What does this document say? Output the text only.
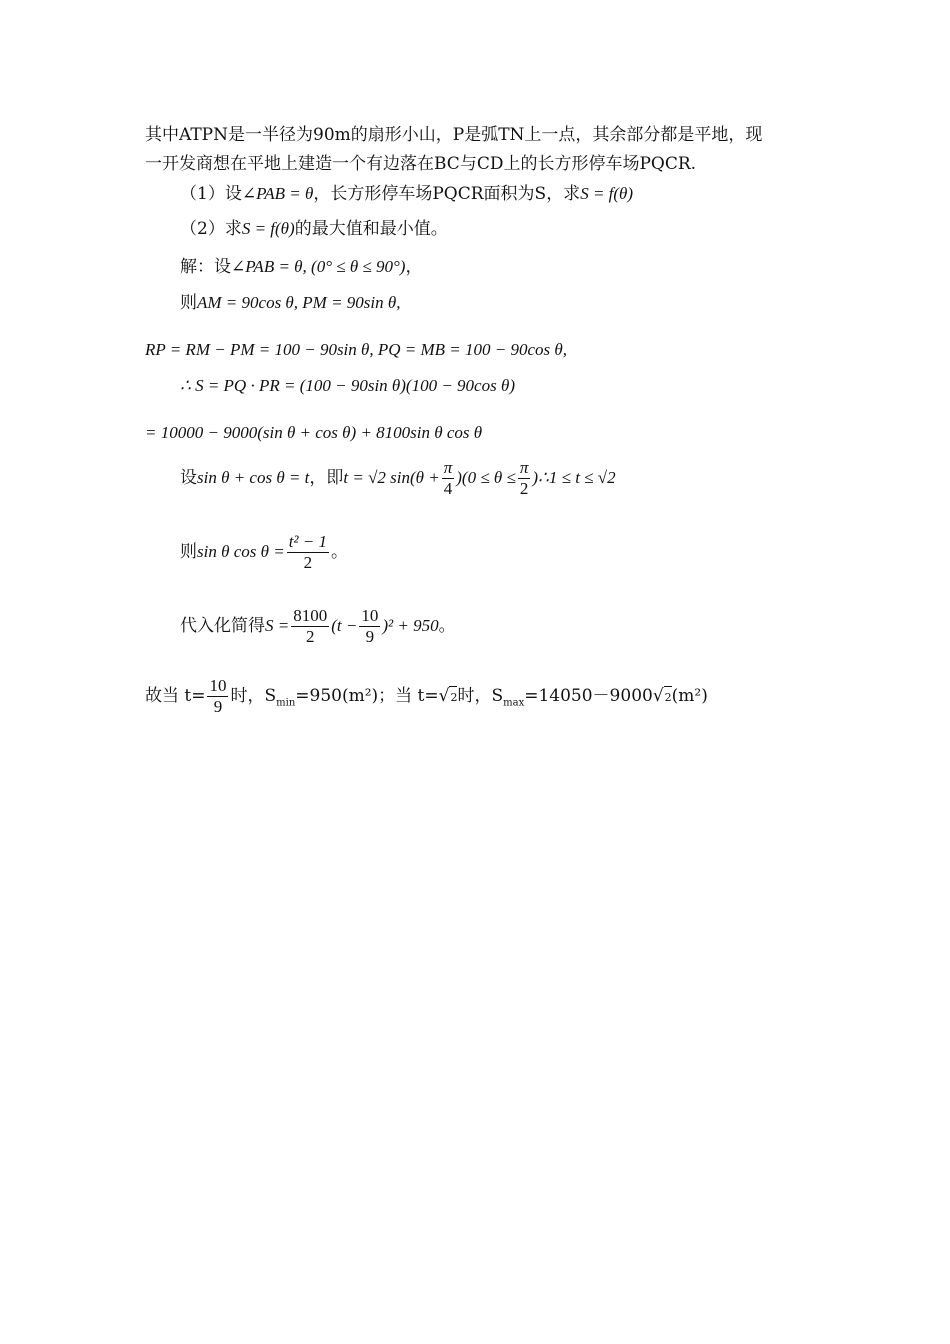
其中ATPN是一半径为90m的扇形小山，P是弧TN上一点，其余部分都是平地，现
一开发商想在平地上建造一个有边落在BC与CD上的长方形停车场PQCR.
（1）设∠PAB = θ，长方形停车场PQCR面积为S，求S = f(θ)
（2）求S = f(θ)的最大值和最小值。
解：设∠PAB = θ, (0° ≤ θ ≤ 90°)，
则AM = 90cos θ, PM = 90sin θ,
RP = RM − PM = 100 − 90sin θ, PQ = MB = 100 − 90cos θ,
∴ S = PQ · PR = (100 − 90sin θ)(100 − 90cos θ)
= 10000 − 9000(sin θ + cos θ) + 8100sin θ cos θ
设sin θ + cos θ = t，即t = √2 $\sin(\theta + \frac{\pi}{4} )(0 \le \theta \le \frac{\pi}{2}$ )∴1 ≤ t ≤ √2
则sin θ $\cos \theta = \frac{\text{t² − 1}}{2}$ 。
代入化简得$S = \frac{8100}{2} (t - \frac{10}{9} )^2 + 950$。
故当 $t= \frac{10}{9}$ 时，$S_{min}=950(m^2)$；当 t=√2时，$S_{max}=14050-9000√2(m^2)$
